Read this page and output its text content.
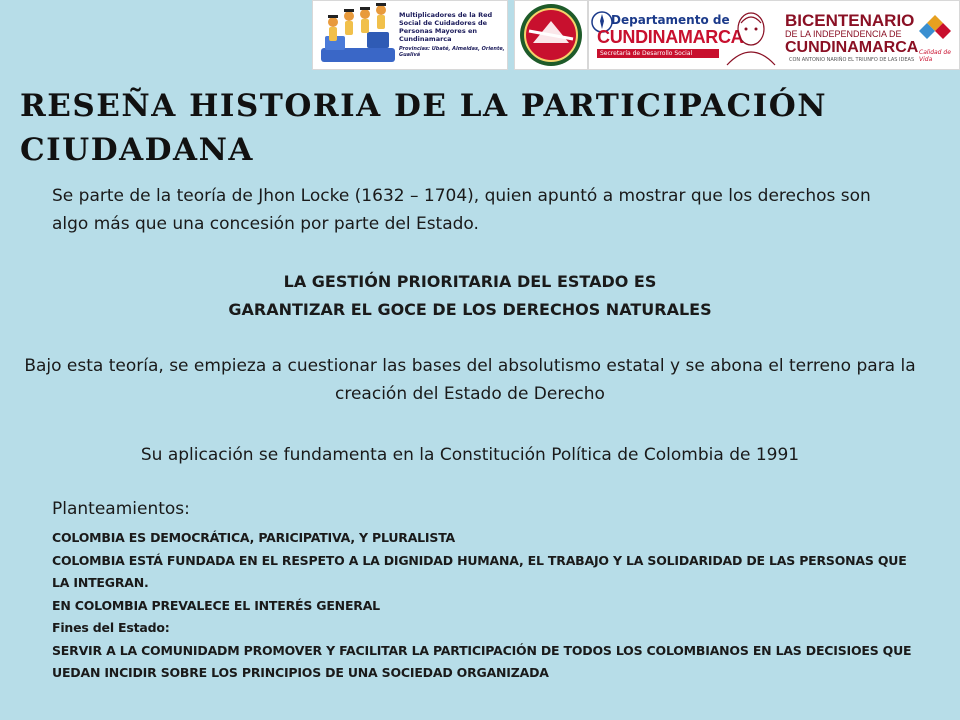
Multiplicadores de la Red Social de Cuidadores de Personas Mayores en Cundinamarca
Provincias: Ubaté, Almeidas, Oriente, Gualivá
Departamento de
CUNDINAMARCA
Secretaría de Desarrollo Social
BICENTENARIO
DE LA INDEPENDENCIA DE
CUNDINAMARCA
CON ANTONIO NARIÑO EL TRIUNFO DE LAS IDEAS
Calidad de Vida
RESEÑA HISTORIA DE LA PARTICIPACIÓN CIUDADANA

Se parte de la teoría de Jhon Locke (1632 – 1704), quien apuntó a mostrar que los derechos son algo más que una concesión por parte del Estado.

LA GESTIÓN PRIORITARIA DEL ESTADO ES
GARANTIZAR EL GOCE DE LOS DERECHOS NATURALES

Bajo esta teoría, se empieza a cuestionar las bases del absolutismo estatal y se abona el terreno para la creación del Estado de Derecho

Su aplicación se fundamenta en la Constitución Política de Colombia de 1991

Planteamientos:

COLOMBIA ES DEMOCRÁTICA, PARICIPATIVA, Y PLURALISTA
COLOMBIA ESTÁ FUNDADA EN EL RESPETO A LA DIGNIDAD HUMANA, EL TRABAJO Y LA SOLIDARIDAD DE LAS PERSONAS QUE LA INTEGRAN.
EN COLOMBIA PREVALECE EL INTERÉS GENERAL

Fines del Estado:

SERVIR A LA COMUNIDADM PROMOVER Y FACILITAR LA PARTICIPACIÓN DE TODOS LOS COLOMBIANOS EN LAS DECISIOES QUE UEDAN INCIDIR SOBRE LOS PRINCIPIOS DE UNA SOCIEDAD ORGANIZADA
